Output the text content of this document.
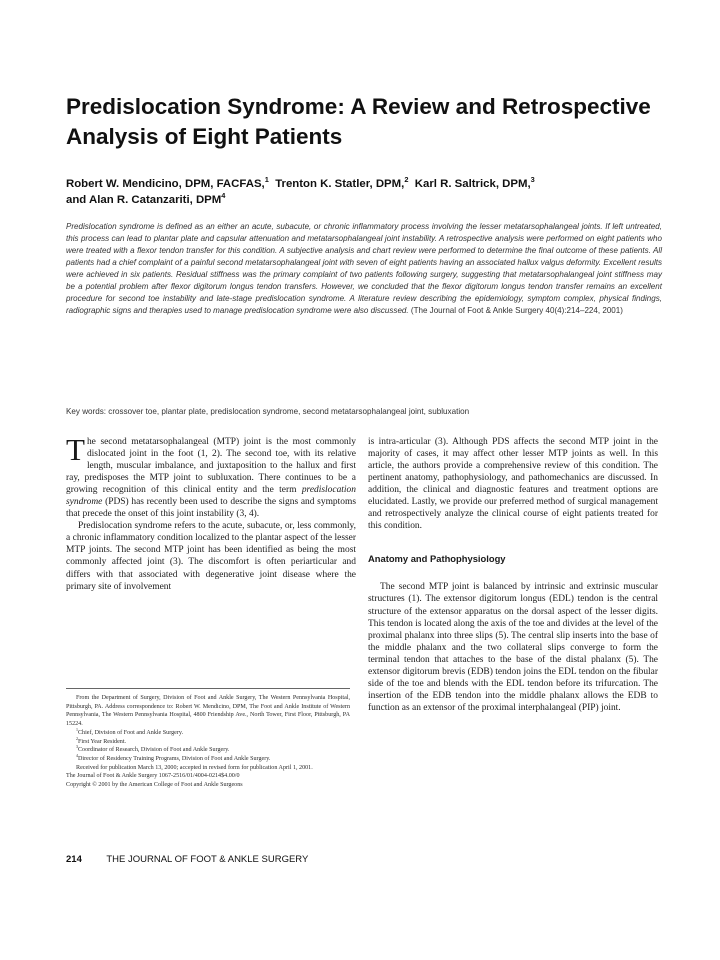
Predislocation Syndrome: A Review and Retrospective Analysis of Eight Patients

Robert W. Mendicino, DPM, FACFAS,$^1$ Trenton K. Statler, DPM,$^2$ Karl R. Saltrick, DPM,$^3$
and Alan R. Catanzariti, DPM$^4$

Predislocation syndrome is defined as an either an acute, subacute, or chronic inflammatory process involving the lesser metatarsophalangeal joints. If left untreated, this process can lead to plantar plate and capsular attenuation and metatarsophalangeal joint instability. A retrospective analysis were performed on eight patients who were treated with a flexor tendon transfer for this condition. A subjective analysis and chart review were performed to determine the final outcome of these patients. All patients had a chief complaint of a painful second metatarsophalangeal joint with seven of eight patients having an associated hallux valgus deformity. Excellent results were achieved in six patients. Residual stiffness was the primary complaint of two patients following surgery, suggesting that metatarsophalangeal joint stiffness may be a potential problem after flexor digitorum longus tendon transfers. However, we concluded that the flexor digitorum longus tendon transfer remains an excellent procedure for second toe instability and late-stage predislocation syndrome. A literature review describing the epidemiology, symptom complex, physical findings, radiographic signs and therapies used to manage predislocation syndrome were also discussed. (The Journal of Foot & Ankle Surgery 40(4):214–224, 2001)

Key words: crossover toe, plantar plate, predislocation syndrome, second metatarsophalangeal joint, subluxation

The second metatarsophalangeal (MTP) joint is the most commonly dislocated joint in the foot (1, 2). The second toe, with its relative length, muscular imbalance, and juxtaposition to the hallux and first ray, predisposes the MTP joint to subluxation. There continues to be a growing recognition of this clinical entity and the term predislocation syndrome (PDS) has recently been used to describe the signs and symptoms that precede the onset of this joint instability (3, 4).

Predislocation syndrome refers to the acute, subacute, or, less commonly, a chronic inflammatory condition localized to the plantar aspect of the lesser MTP joints. The second MTP joint has been identified as being the most commonly affected joint (3). The discomfort is often periarticular and differs with that associated with degenerative joint disease where the primary site of involvement

is intra-articular (3). Although PDS affects the second MTP joint in the majority of cases, it may affect other lesser MTP joints as well. In this article, the authors provide a comprehensive review of this condition. The pertinent anatomy, pathophysiology, and pathomechanics are discussed. In addition, the clinical and diagnostic features and treatment options are elucidated. Lastly, we provide our preferred method of surgical management and retrospectively analyze the clinical course of eight patients treated for this condition.

Anatomy and Pathophysiology

The second MTP joint is balanced by intrinsic and extrinsic muscular structures (1). The extensor digitorum longus (EDL) tendon is the central structure of the extensor apparatus on the dorsal aspect of the lesser digits. This tendon is located along the axis of the toe and divides at the level of the proximal phalanx into three slips (5). The central slip inserts into the base of the middle phalanx and the two collateral slips converge to form the terminal tendon that attaches to the base of the distal phalanx (5). The extensor digitorum brevis (EDB) tendon joins the EDL tendon on the fibular side of the toe and blends with the EDL tendon before its trifurcation. The insertion of the EDB tendon into the middle phalanx allows the EDB to function as an extensor of the proximal interphalangeal (PIP) joint.

From the Department of Surgery, Division of Foot and Ankle Surgery, The Western Pennsylvania Hospital, Pittsburgh, PA. Address correspondence to: Robert W. Mendicino, DPM, The Foot and Ankle Institute of Western Pennsylvania, The Western Pennsylvania Hospital, 4800 Friendship Ave., North Tower, First Floor, Pittsburgh, PA 15224.

$^1$Chief, Division of Foot and Ankle Surgery.

$^2$First Year Resident.

$^3$Coordinator of Research, Division of Foot and Ankle Surgery.

$^4$Director of Residency Training Programs, Division of Foot and Ankle Surgery.

Received for publication March 13, 2000; accepted in revised form for publication April 1, 2001.

The Journal of Foot & Ankle Surgery 1067-2516/01/4004-0214$4.00/0

Copyright © 2001 by the American College of Foot and Ankle Surgeons

214	THE JOURNAL OF FOOT & ANKLE SURGERY
